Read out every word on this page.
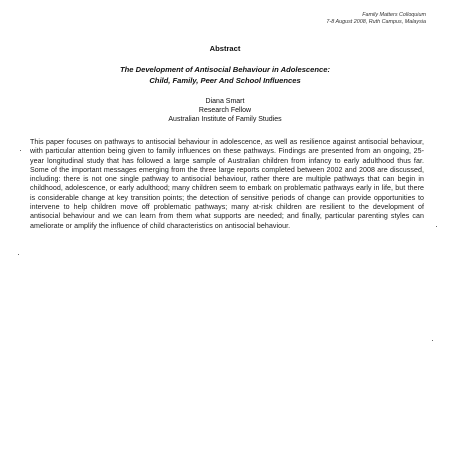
Family Matters Colloquium
7-8 August 2008, Ruth Campus, Malaysia
Abstract
The Development of Antisocial Behaviour in Adolescence:
Child, Family, Peer And School Influences
Diana Smart
Research Fellow
Australian Institute of Family Studies
This paper focuses on pathways to antisocial behaviour in adolescence, as well as resilience against antisocial behaviour, with particular attention being given to family influences on these pathways. Findings are presented from an ongoing, 25-year longitudinal study that has followed a large sample of Australian children from infancy to early adulthood thus far. Some of the important messages emerging from the three large reports completed between 2002 and 2008 are discussed, including: there is not one single pathway to antisocial behaviour, rather there are multiple pathways that can begin in childhood, adolescence, or early adulthood; many children seem to embark on problematic pathways early in life, but there is considerable change at key transition points; the detection of sensitive periods of change can provide opportunities to intervene to help children move off problematic pathways; many at-risk children are resilient to the development of antisocial behaviour and we can learn from them what supports are needed; and finally, particular parenting styles can ameliorate or amplify the influence of child characteristics on antisocial behaviour.
